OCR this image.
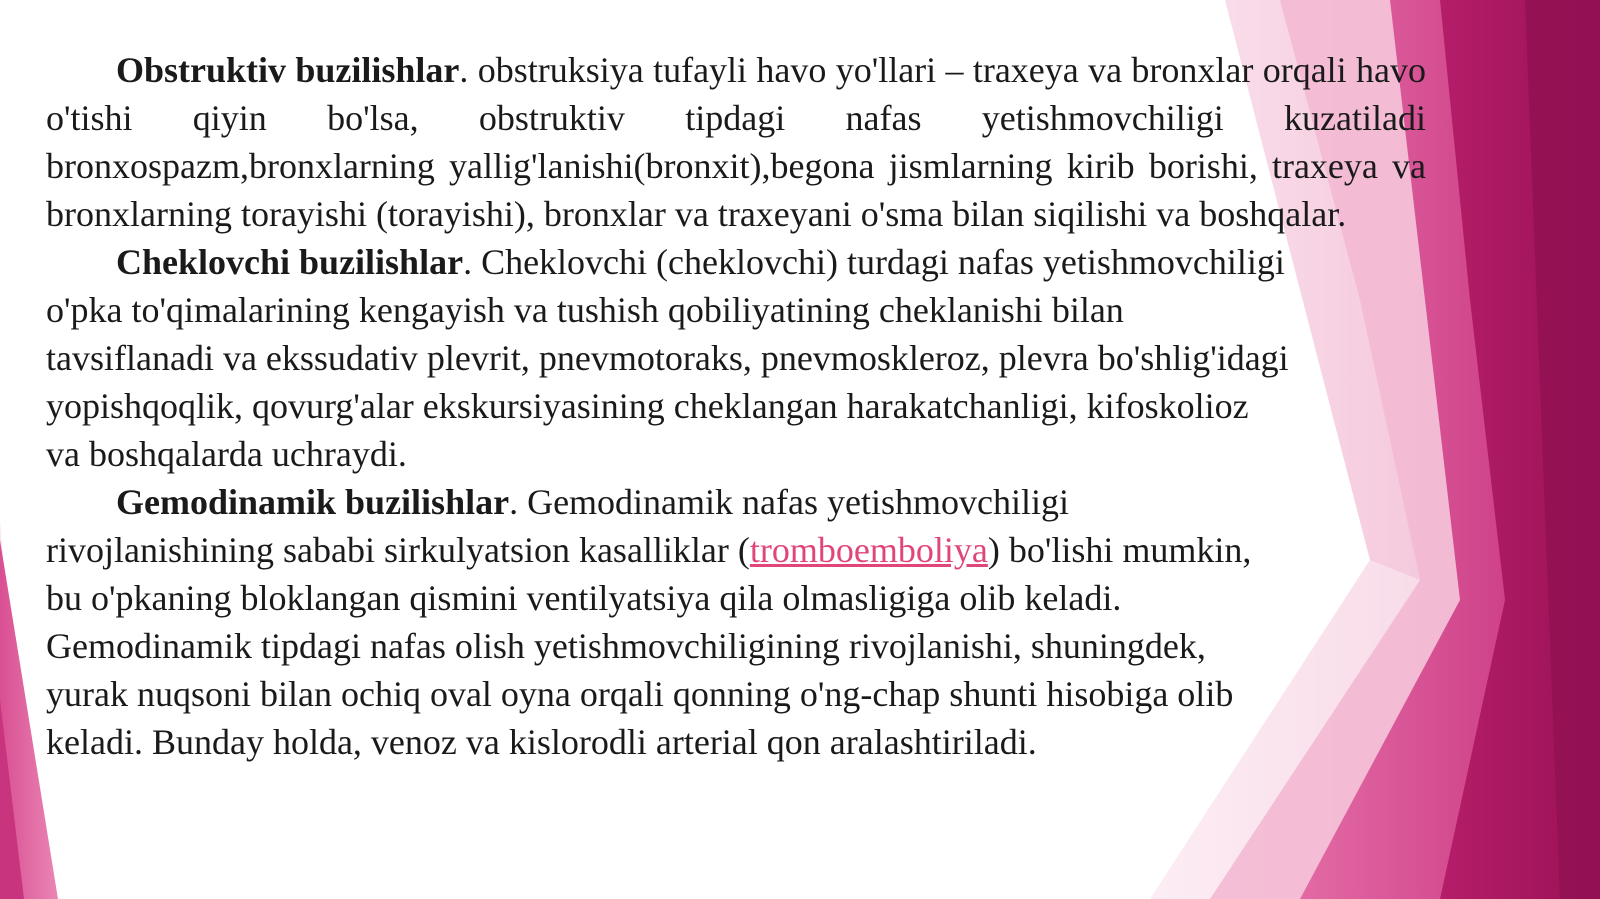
Obstruktiv buzilishlar. obstruksiya tufayli havo yo'llari – traxeya va bronxlar orqali havo o'tishi qiyin bo'lsa, obstruktiv tipdagi nafas yetishmovchiligi kuzatiladi bronxospazm,bronxlarning yallig'lanishi(bronxit),begona jismlarning kirib borishi, traxeya va bronxlarning torayishi (torayishi), bronxlar va traxeyani o'sma bilan siqilishi va boshqalar.

Cheklovchi buzilishlar. Cheklovchi (cheklovchi) turdagi nafas yetishmovchiligi
o'pka to'qimalarining kengayish va tushish qobiliyatining cheklanishi bilan
tavsiflanadi va ekssudativ plevrit, pnevmotoraks, pnevmoskleroz, plevra bo'shlig'idagi
yopishqoqlik, qovurg'alar ekskursiyasining cheklangan harakatchanligi, kifoskolioz
va boshqalarda uchraydi.
Gemodinamik buzilishlar. Gemodinamik nafas yetishmovchiligi
rivojlanishining sababi sirkulyatsion kasalliklar (tromboemboliya) bo'lishi mumkin,
bu o'pkaning bloklangan qismini ventilyatsiya qila olmasligiga olib keladi.
Gemodinamik tipdagi nafas olish yetishmovchiligining rivojlanishi, shuningdek,
yurak nuqsoni bilan ochiq oval oyna orqali qonning o'ng-chap shunti hisobiga olib
keladi. Bunday holda, venoz va kislorodli arterial qon aralashtiriladi.
